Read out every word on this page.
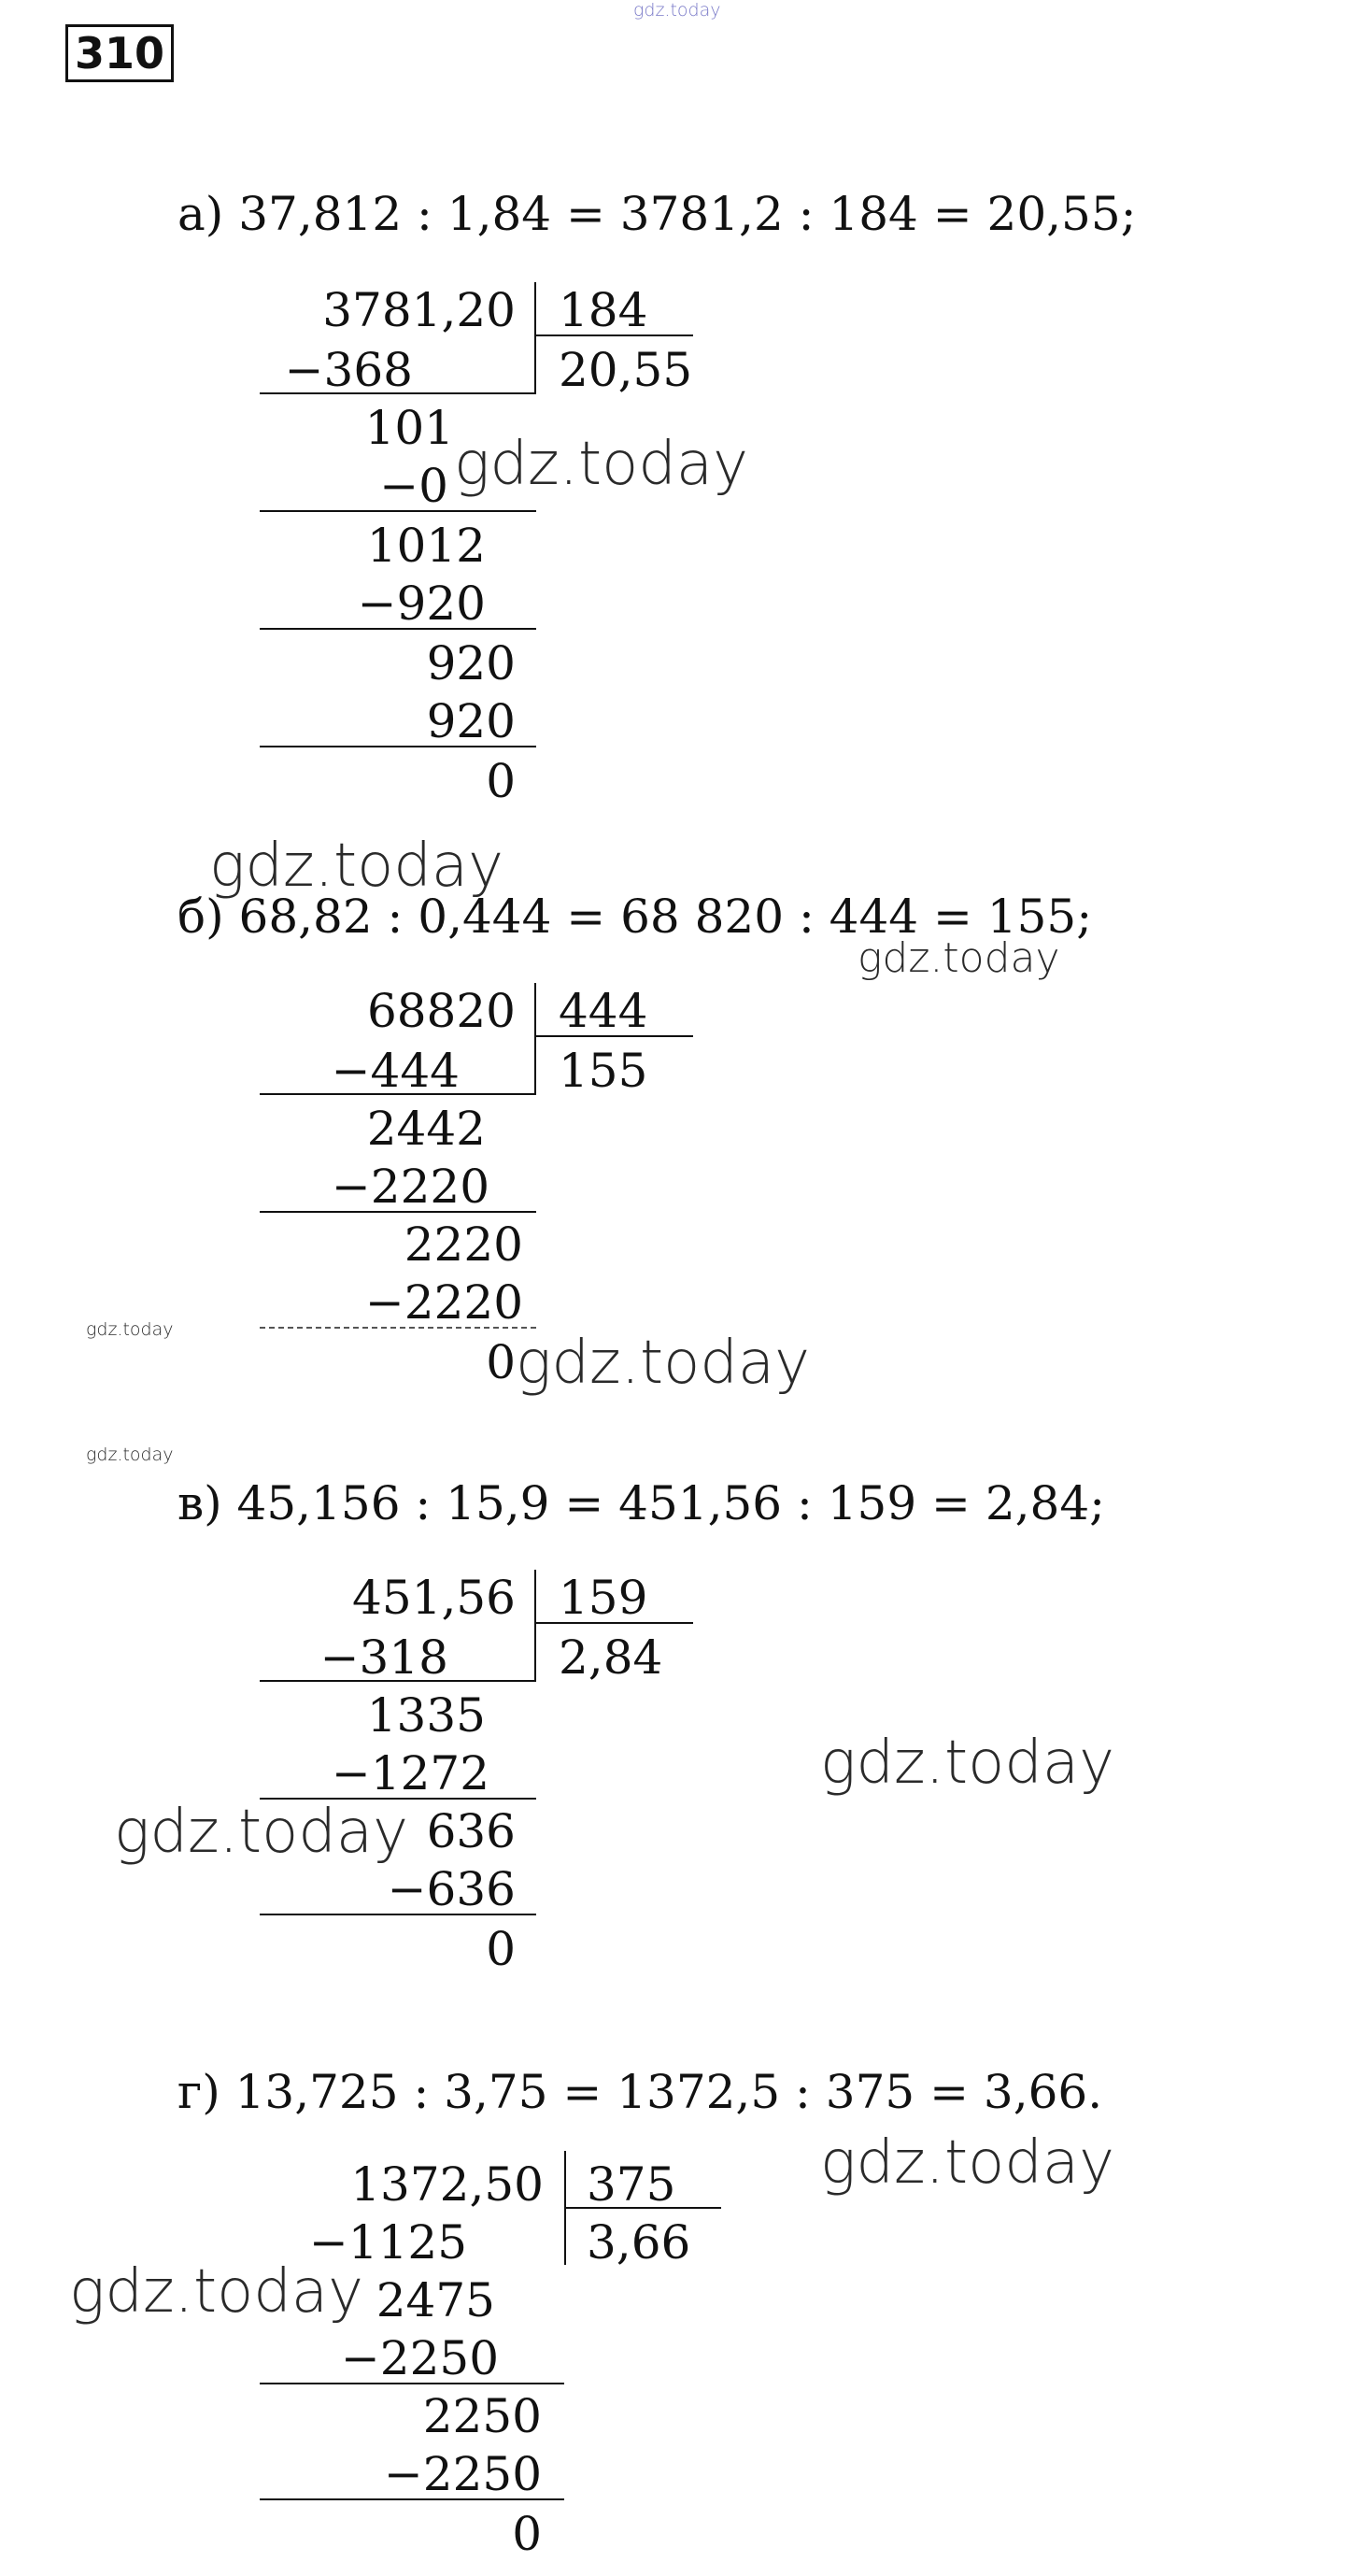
310
а) 37,812 : 1,84 = 3781,2 : 184 = 20,55;
3781,20 184
20,55
−368
101
−0
1012
−920
920
920
0
б) 68,82 : 0,444 = 68 820 : 444 = 155;
68820 444
155
−444
2442
−2220
2220
−2220
0
в) 45,156 : 15,9 = 451,56 : 159 = 2,84;
451,56 159
2,84
−318
1335
−1272
636
−636
0
г) 13,725 : 3,75 = 1372,5 : 375 = 3,66.
1372,50 375
3,66
−1125
2475
−2250
2250
−2250
0
gdz.today
gdz.today
gdz.today
gdz.today
gdz.today	gdz.today
gdz.today
gdz.today
gdz.today
gdz.today
gdz.today
